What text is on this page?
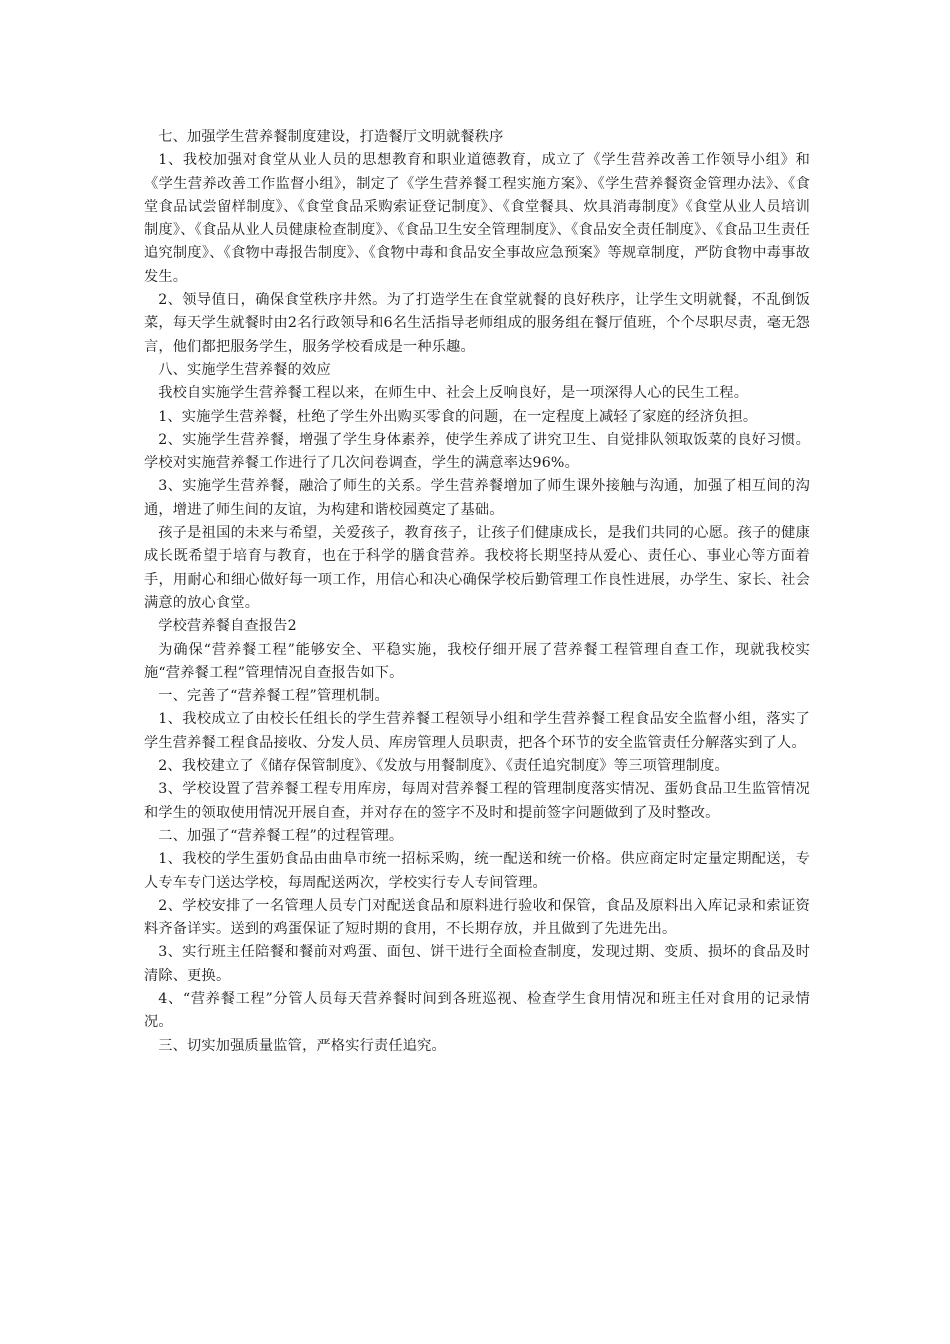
七、加强学生营养餐制度建设，打造餐厅文明就餐秩序

1、我校加强对食堂从业人员的思想教育和职业道德教育，成立了《学生营养改善工作领导小组》和《学生营养改善工作监督小组》，制定了《学生营养餐工程实施方案》、《学生营养餐资金管理办法》、《食堂食品试尝留样制度》、《食堂食品采购索证登记制度》、《食堂餐具、炊具消毒制度》《食堂从业人员培训制度》、《食品从业人员健康检查制度》、《食品卫生安全管理制度》、《食品安全责任制度》、《食品卫生责任追究制度》、《食物中毒报告制度》、《食物中毒和食品安全事故应急预案》等规章制度，严防食物中毒事故发生。

2、领导值日，确保食堂秩序井然。为了打造学生在食堂就餐的良好秩序，让学生文明就餐，不乱倒饭菜，每天学生就餐时由2名行政领导和6名生活指导老师组成的服务组在餐厅值班，个个尽职尽责，毫无怨言，他们都把服务学生，服务学校看成是一种乐趣。

八、实施学生营养餐的效应

我校自实施学生营养餐工程以来，在师生中、社会上反响良好，是一项深得人心的民生工程。

1、实施学生营养餐，杜绝了学生外出购买零食的问题，在一定程度上减轻了家庭的经济负担。

2、实施学生营养餐，增强了学生身体素养，使学生养成了讲究卫生、自觉排队领取饭菜的良好习惯。学校对实施营养餐工作进行了几次问卷调查，学生的满意率达96%。

3、实施学生营养餐，融洽了师生的关系。学生营养餐增加了师生课外接触与沟通，加强了相互间的沟通，增进了师生间的友谊，为构建和谐校园奠定了基础。

孩子是祖国的未来与希望，关爱孩子，教育孩子，让孩子们健康成长，是我们共同的心愿。孩子的健康成长既希望于培育与教育，也在于科学的膳食营养。我校将长期坚持从爱心、责任心、事业心等方面着手，用耐心和细心做好每一项工作，用信心和决心确保学校后勤管理工作良性进展，办学生、家长、社会满意的放心食堂。

学校营养餐自查报告2

为确保“营养餐工程”能够安全、平稳实施，我校仔细开展了营养餐工程管理自查工作，现就我校实施“营养餐工程”管理情况自查报告如下。

一、完善了“营养餐工程”管理机制。

1、我校成立了由校长任组长的学生营养餐工程领导小组和学生营养餐工程食品安全监督小组，落实了学生营养餐工程食品接收、分发人员、库房管理人员职责，把各个环节的安全监管责任分解落实到了人。

2、我校建立了《储存保管制度》、《发放与用餐制度》、《责任追究制度》等三项管理制度。

3、学校设置了营养餐工程专用库房，每周对营养餐工程的管理制度落实情况、蛋奶食品卫生监管情况和学生的领取使用情况开展自查，并对存在的签字不及时和提前签字问题做到了及时整改。

二、加强了“营养餐工程”的过程管理。

1、我校的学生蛋奶食品由曲阜市统一招标采购，统一配送和统一价格。供应商定时定量定期配送，专人专车专门送达学校，每周配送两次，学校实行专人专间管理。

2、学校安排了一名管理人员专门对配送食品和原料进行验收和保管，食品及原料出入库记录和索证资料齐备详实。送到的鸡蛋保证了短时期的食用，不长期存放，并且做到了先进先出。

3、实行班主任陪餐和餐前对鸡蛋、面包、饼干进行全面检查制度，发现过期、变质、损坏的食品及时清除、更换。

4、“营养餐工程”分管人员每天营养餐时间到各班巡视、检查学生食用情况和班主任对食用的记录情况。

三、切实加强质量监管，严格实行责任追究。
